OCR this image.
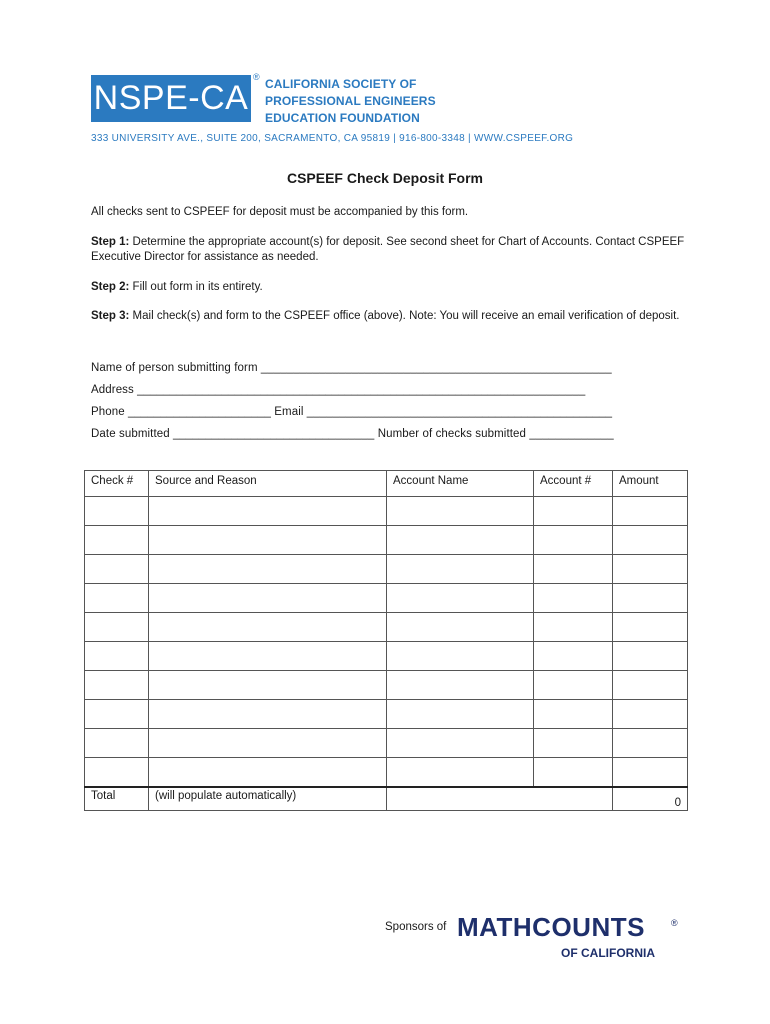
NSPE-CA
® CALIFORNIA SOCIETY OF
PROFESSIONAL ENGINEERS
EDUCATION FOUNDATION
333 UNIVERSITY AVE., SUITE 200, SACRAMENTO, CA 95819 | 916-800-3348 | WWW.CSPEEF.ORG
CSPEEF Check Deposit Form
All checks sent to CSPEEF for deposit must be accompanied by this form.
Step 1: Determine the appropriate account(s) for deposit. See second sheet for Chart of Accounts. Contact CSPEEF Executive Director for assistance as needed.
Step 2: Fill out form in its entirety.
Step 3: Mail check(s) and form to the CSPEEF office (above). Note: You will receive an email verification of deposit.
Name of person submitting form ______________________________________________________
Address _____________________________________________________________________
Phone ______________________ Email _______________________________________________
Date submitted _______________________________ Number of checks submitted _____________
Check #	Source and Reason	Account Name	Account #	Amount

Total	(will populate automatically)			0
Sponsors of MATHCOUNTS	®
OF CALIFORNIA
